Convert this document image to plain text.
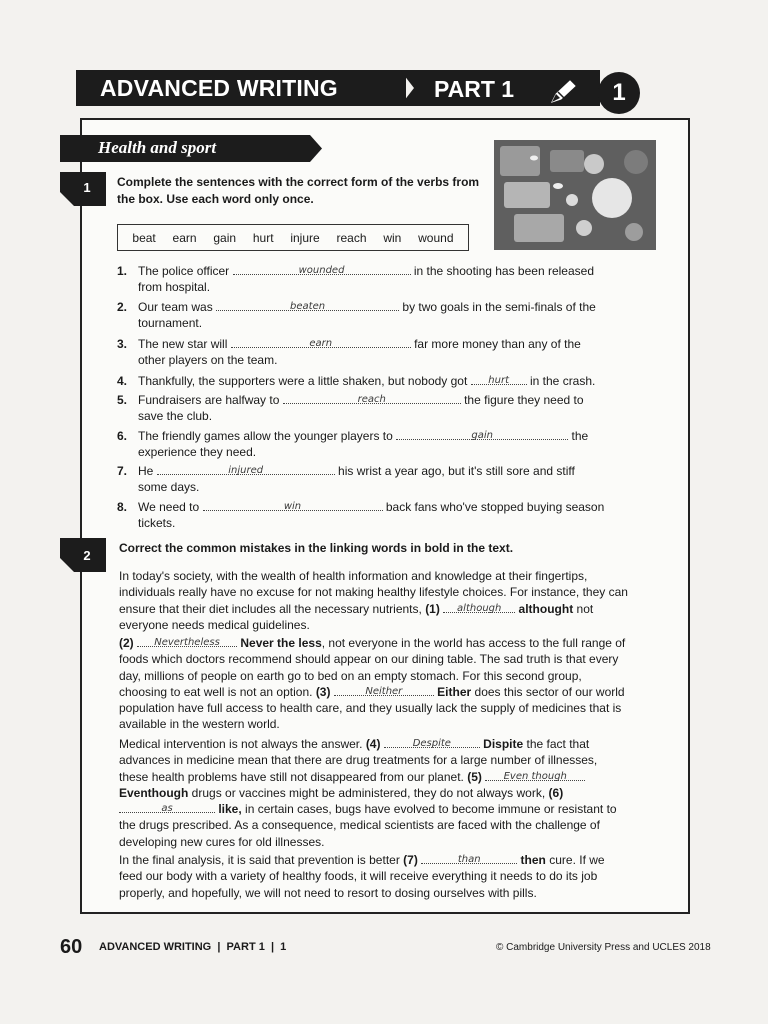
ADVANCED WRITING	PART 1	1
Health and sport
1	Complete the sentences with the correct form of the verbs from the box. Use each word only once.
beat earn gain hurt injure reach win wound
1. The police officer	wounded	in the shooting has been released from hospital.
2. Our team was	beaten	by two goals in the semi-finals of the tournament.
3. The new star will	earn	far more money than any of the other players on the team.
4. Thankfully, the supporters were a little shaken, but nobody got hurt in the crash.
5. Fundraisers are halfway to	reach	the figure they need to save the club.
6. The friendly games allow the younger players to	gain	the experience they need.
7. He	injured	his wrist a year ago, but it's still sore and stiff some days.
8. We need to	win	back fans who've stopped buying season tickets.
2	Correct the common mistakes in the linking words in bold in the text.
In today's society, with the wealth of health information and knowledge at their fingertips, individuals really have no excuse for not making healthy lifestyle choices. For instance, they can ensure that their diet includes all the necessary nutrients, (1) although althought not everyone needs medical guidelines.
(2) Nevertheless Never the less, not everyone in the world has access to the full range of foods which doctors recommend should appear on our dining table. The sad truth is that every day, millions of people on earth go to bed on an empty stomach. For this second group, choosing to eat well is not an option. (3)	Neither	Either does this sector of our world population have full access to health care, and they usually lack the supply of medicines that is available in the western world.
Medical intervention is not always the answer. (4)	Despite	Dispite the fact that advances in medicine mean that there are drug treatments for a large number of illnesses, these health problems have still not disappeared from our planet. (5) Even though Eventhough drugs or vaccines might be administered, they do not always work, (6) as	like, in certain cases, bugs have evolved to become immune or resistant to the drugs prescribed. As a consequence, medical scientists are faced with the challenge of developing new cures for old illnesses.
In the final analysis, it is said that prevention is better (7)	than	then cure. If we feed our body with a variety of healthy foods, it will receive everything it needs to do its job properly, and hopefully, we will not need to resort to dosing ourselves with pills.
60 ADVANCED WRITING  |  PART 1  |  1	© Cambridge University Press and UCLES 2018
